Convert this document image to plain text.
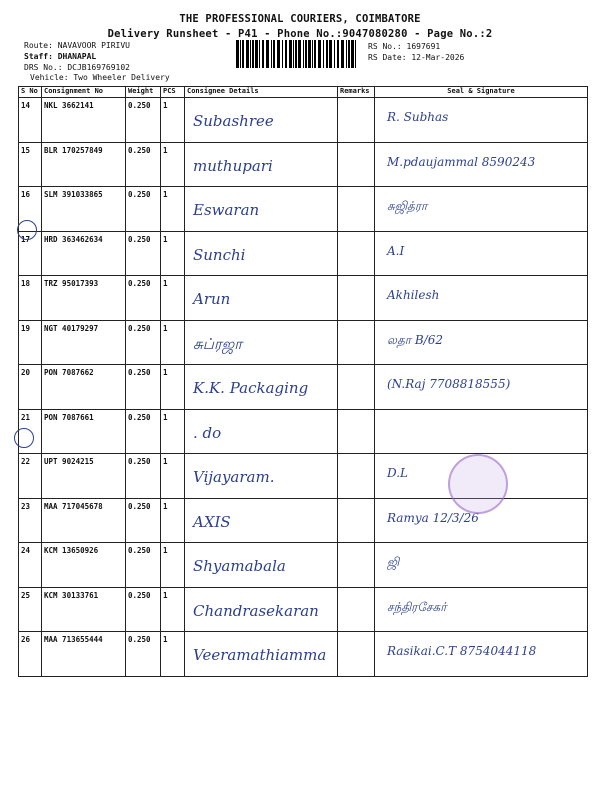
THE PROFESSIONAL COURIERS, COIMBATORE
Delivery Runsheet - P41 - Phone No.:9047080280 - Page No.:2
Route: NAVAVOOR PIRIVU
Staff: DHANAPAL
DRS No.: DCJB169769102
Vehicle: Two Wheeler Delivery
RS No.: 1697691
RS Date: 12-Mar-2026
S No	Consignment No	Weight	PCS	Consignee Details	Remarks	Seal & Signature
14	NKL 3662141	0.250	1	Subashree		R. Subhas
15	BLR 170257849	0.250	1	muthupari		M.pdaujammal 8590243
16	SLM 391033865	0.250	1	Eswaran		சுஜித்ரா
17	HRD 363462634	0.250	1	Sunchi		A.I
18	TRZ 95017393	0.250	1	Arun		Akhilesh
19	NGT 40179297	0.250	1	சுப்ரஜா		லதா B/62
20	PON 7087662	0.250	1	K.K. Packaging		(N.Raj 7708818555)
21	PON 7087661	0.250	1	. do		
22	UPT 9024215	0.250	1	Vijayaram.		D.L
23	MAA 717045678	0.250	1	AXIS		Ramya 12/3/26
24	KCM 13650926	0.250	1	Shyamabala		ஜி
25	KCM 30133761	0.250	1	Chandrasekaran		சந்திரசேகர்
26	MAA 713655444	0.250	1	Veeramathiamma		Rasikai.C.T 8754044118
